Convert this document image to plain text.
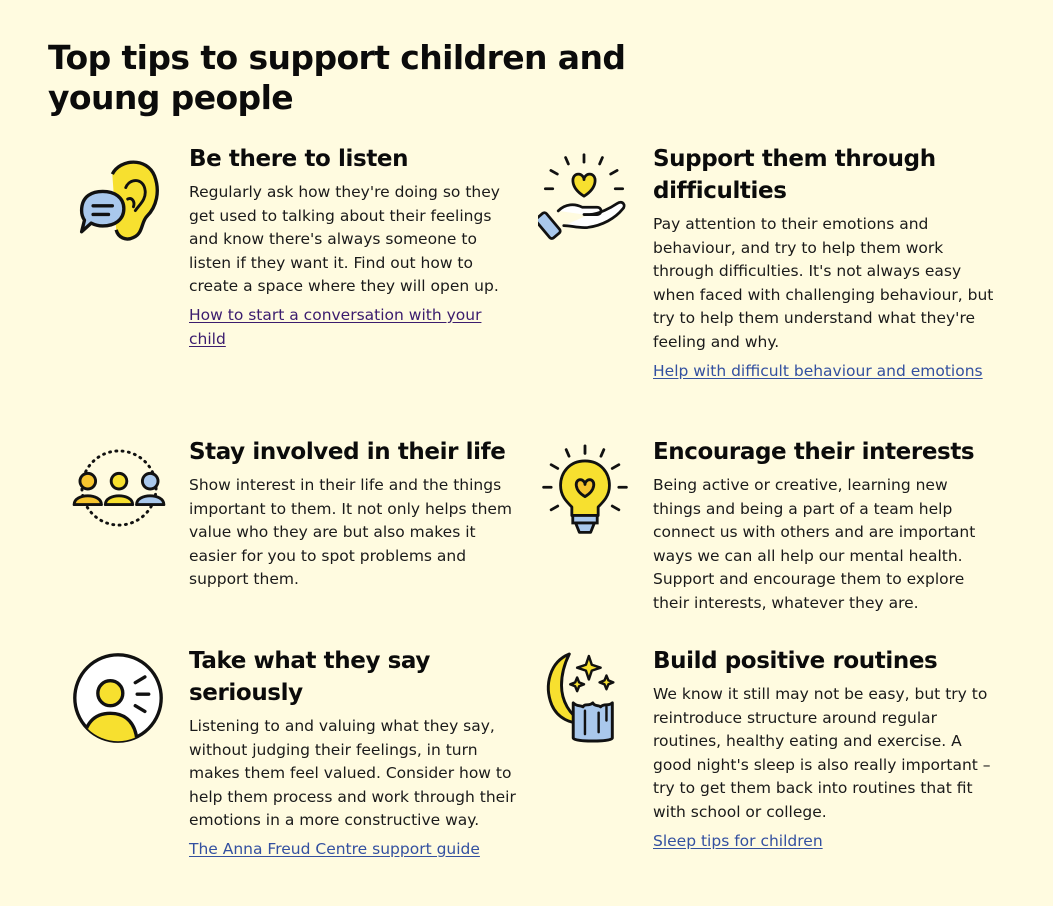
Top tips to support children and young people
Be there to listen

Regularly ask how they're doing so they get used to talking about their feelings and know there's always someone to listen if they want it. Find out how to create a space where they will open up.

How to start a conversation with your child
Support them through difficulties

Pay attention to their emotions and behaviour, and try to help them work through difficulties. It's not always easy when faced with challenging behaviour, but try to help them understand what they're feeling and why.

Help with difficult behaviour and emotions
Stay involved in their life

Show interest in their life and the things important to them. It not only helps them value who they are but also makes it easier for you to spot problems and support them.

Encourage their interests

Being active or creative, learning new things and being a part of a team help connect us with others and are important ways we can all help our mental health. Support and encourage them to explore their interests, whatever they are.

Take what they say seriously

Listening to and valuing what they say, without judging their feelings, in turn makes them feel valued. Consider how to help them process and work through their emotions in a more constructive way.

The Anna Freud Centre support guide
Build positive routines

We know it still may not be easy, but try to reintroduce structure around regular routines, healthy eating and exercise. A good night's sleep is also really important – try to get them back into routines that fit with school or college.

Sleep tips for children
